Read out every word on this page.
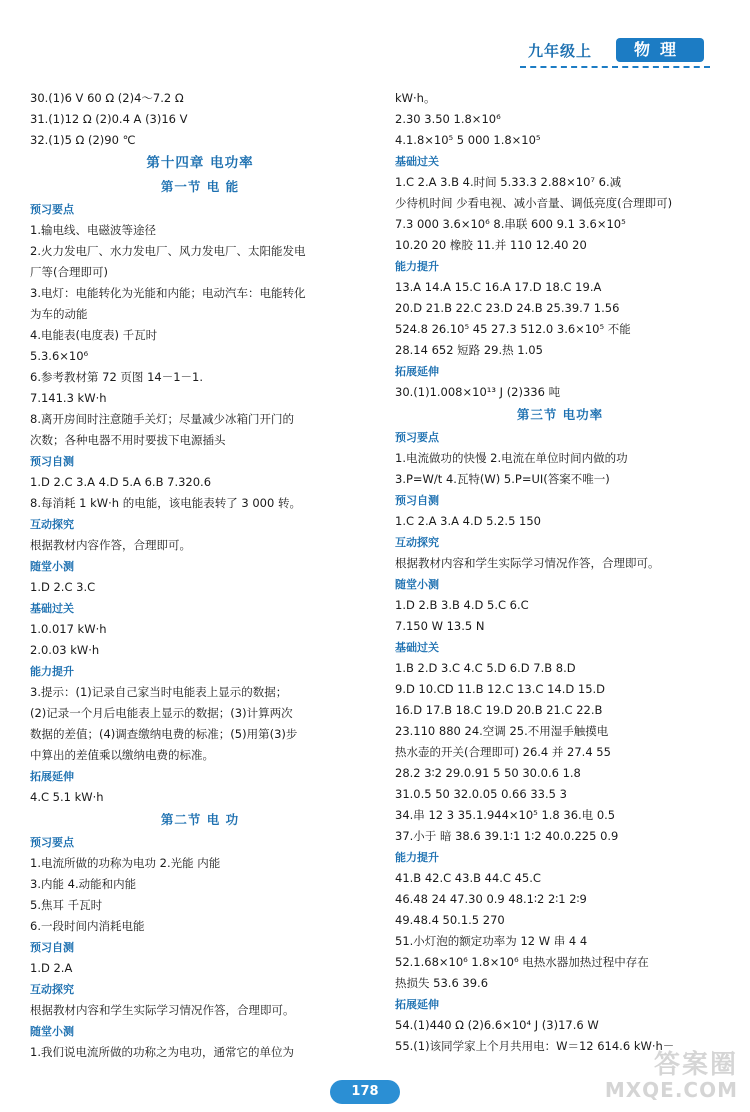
九年级上	物理
30.(1)6 V 60 Ω (2)4～7.2 Ω
31.(1)12 Ω (2)0.4 A (3)16 V
32.(1)5 Ω (2)90 ℃
第十四章 电功率
第一节 电 能
预习要点
1.输电线、电磁波等途径
2.火力发电厂、水力发电厂、风力发电厂、太阳能发电
厂等(合理即可)
3.电灯：电能转化为光能和内能；电动汽车：电能转化
为车的动能
4.电能表(电度表) 千瓦时
5.3.6×10⁶
6.参考教材第 72 页图 14－1－1.
7.141.3 kW·h
8.离开房间时注意随手关灯；尽量减少冰箱门开门的
次数；各种电器不用时要拔下电源插头
预习自测
1.D 2.C 3.A 4.D 5.A 6.B 7.320.6
8.每消耗 1 kW·h 的电能，该电能表转了 3 000 转。
互动探究
根据教材内容作答，合理即可。
随堂小测
1.D 2.C 3.C
基础过关
1.0.017 kW·h
2.0.03 kW·h
能力提升
3.提示：(1)记录自己家当时电能表上显示的数据；
(2)记录一个月后电能表上显示的数据；(3)计算两次
数据的差值；(4)调查缴纳电费的标准；(5)用第(3)步
中算出的差值乘以缴纳电费的标准。
拓展延伸
4.C 5.1 kW·h
第二节 电 功
预习要点
1.电流所做的功称为电功 2.光能 内能
3.内能 4.动能和内能
5.焦耳 千瓦时
6.一段时间内消耗电能
预习自测
1.D 2.A
互动探究
根据教材内容和学生实际学习情况作答，合理即可。
随堂小测
1.我们说电流所做的功称之为电功，通常它的单位为
kW·h。
2.30 3.50 1.8×10⁶
4.1.8×10⁵ 5 000 1.8×10⁵
基础过关
1.C 2.A 3.B 4.时间 5.33.3 2.88×10⁷ 6.减
少待机时间 少看电视、减小音量、调低亮度(合理即可)
7.3 000 3.6×10⁶ 8.串联 600 9.1 3.6×10⁵
10.20 20 橡胶 11.并 110 12.40 20
能力提升
13.A 14.A 15.C 16.A 17.D 18.C 19.A
20.D 21.B 22.C 23.D 24.B 25.39.7 1.56
524.8 26.10⁵ 45 27.3 512.0 3.6×10⁵ 不能
28.14 652 短路 29.热 1.05
拓展延伸
30.(1)1.008×10¹³ J (2)336 吨
第三节 电功率
预习要点
1.电流做功的快慢 2.电流在单位时间内做的功
3.P=W/t 4.瓦特(W) 5.P=UI(答案不唯一)
预习自测
1.C 2.A 3.A 4.D 5.2.5 150
互动探究
根据教材内容和学生实际学习情况作答，合理即可。
随堂小测
1.D 2.B 3.B 4.D 5.C 6.C
7.150 W 13.5 N
基础过关
1.B 2.D 3.C 4.C 5.D 6.D 7.B 8.D
9.D 10.CD 11.B 12.C 13.C 14.D 15.D
16.D 17.B 18.C 19.D 20.B 21.C 22.B
23.110 880 24.空调 25.不用湿手触摸电
热水壶的开关(合理即可) 26.4 并 27.4 55
28.2 3∶2 29.0.91 5 50 30.0.6 1.8
31.0.5 50 32.0.05 0.66 33.5 3
34.串 12 3 35.1.944×10⁵ 1.8 36.电 0.5
37.小于 暗 38.6 39.1∶1 1∶2 40.0.225 0.9
能力提升
41.B 42.C 43.B 44.C 45.C
46.48 24 47.30 0.9 48.1∶2 2∶1 2∶9
49.48.4 50.1.5 270
51.小灯泡的额定功率为 12 W 串 4 4
52.1.68×10⁶ 1.8×10⁶ 电热水器加热过程中存在
热损失 53.6 39.6
拓展延伸
54.(1)440 Ω (2)6.6×10⁴ J (3)17.6 W
55.(1)该同学家上个月共用电：W＝12 614.6 kW·h－
178
答案圈
MXQE.COM
